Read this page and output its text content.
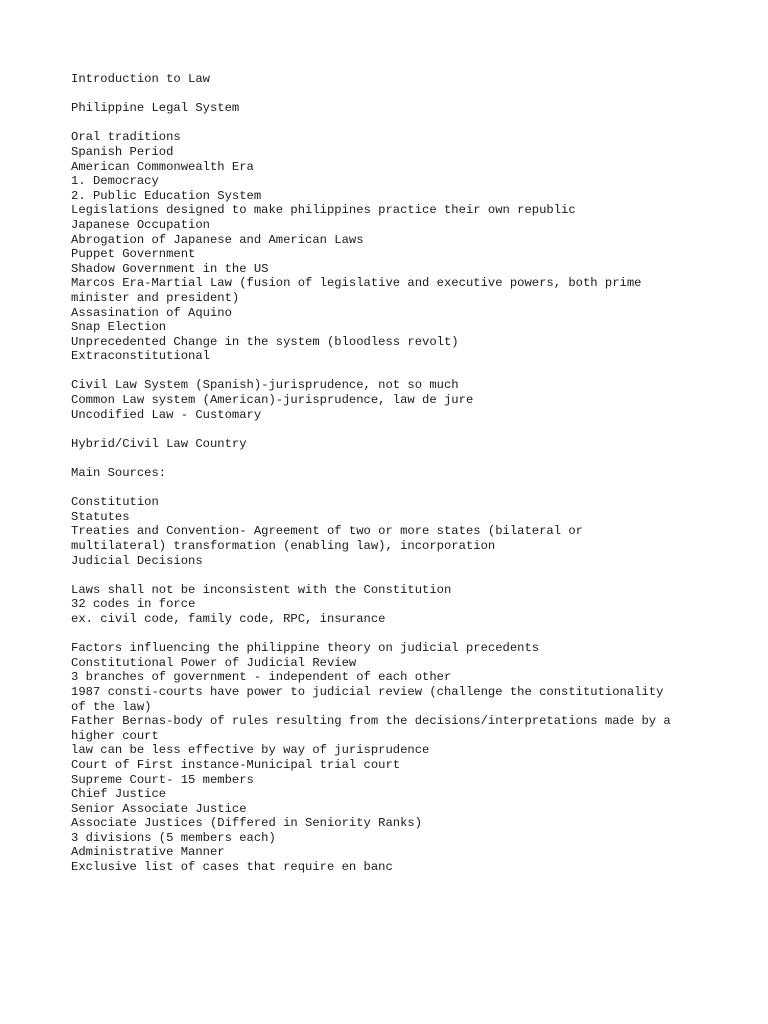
Introduction to Law
Philippine Legal System
Oral traditions
Spanish Period
American Commonwealth Era
1. Democracy
2. Public Education System
Legislations designed to make philippines practice their own republic
Japanese Occupation
Abrogation of Japanese and American Laws
Puppet Government
Shadow Government in the US
Marcos Era-Martial Law (fusion of legislative and executive powers, both prime
minister and president)
Assasination of Aquino
Snap Election
Unprecedented Change in the system (bloodless revolt)
Extraconstitutional
Civil Law System (Spanish)-jurisprudence, not so much
Common Law system (American)-jurisprudence, law de jure
Uncodified Law - Customary
Hybrid/Civil Law Country
Main Sources:
Constitution
Statutes
Treaties and Convention- Agreement of two or more states (bilateral or
multilateral) transformation (enabling law), incorporation
Judicial Decisions
Laws shall not be inconsistent with the Constitution
32 codes in force
ex. civil code, family code, RPC, insurance
Factors influencing the philippine theory on judicial precedents
Constitutional Power of Judicial Review
3 branches of government - independent of each other
1987 consti-courts have power to judicial review (challenge the constitutionality
of the law)
Father Bernas-body of rules resulting from the decisions/interpretations made by a
higher court
law can be less effective by way of jurisprudence
Court of First instance-Municipal trial court
Supreme Court- 15 members
Chief Justice
Senior Associate Justice
Associate Justices (Differed in Seniority Ranks)
3 divisions (5 members each)
Administrative Manner
Exclusive list of cases that require en banc
